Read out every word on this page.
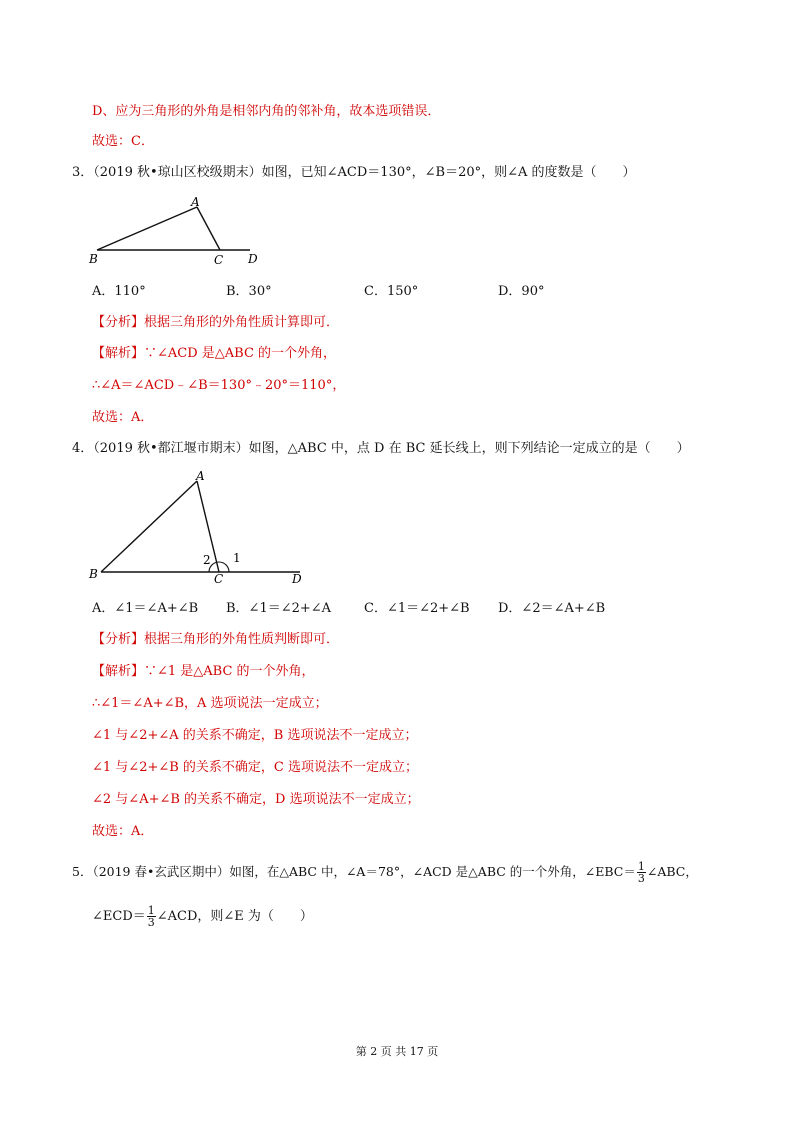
D、应为三角形的外角是相邻内角的邻补角，故本选项错误．
故选：C．
3．（2019 秋•琼山区校级期末）如图，已知∠ACD＝130°，∠B＝20°，则∠A 的度数是（　　）
A
B	C D
A．110°	B．30°	C．150°	D．90°
【分析】根据三角形的外角性质计算即可．
【解析】∵∠ACD 是△ABC 的一个外角，
∴∠A＝∠ACD﹣∠B＝130°﹣20°＝110°，
故选：A．
4．（2019 秋•都江堰市期末）如图，△ABC 中，点 D 在 BC 延长线上，则下列结论一定成立的是（　　）
A
B	C	D
1
2
A．∠1＝∠A+∠B B．∠1＝∠2+∠A	C．∠1＝∠2+∠B D．∠2＝∠A+∠B
【分析】根据三角形的外角性质判断即可．
【解析】∵∠1 是△ABC 的一个外角，
∴∠1＝∠A+∠B，A 选项说法一定成立；
∠1 与∠2+∠A 的关系不确定，B 选项说法不一定成立；
∠1 与∠2+∠B 的关系不确定，C 选项说法不一定成立；
∠2 与∠A+∠B 的关系不确定，D 选项说法不一定成立；
故选：A．
5．（2019 春•玄武区期中）如图，在△ABC 中，∠A＝78°，∠ACD 是△ABC 的一个外角，∠EBC＝ $\frac{1}{3}$ ∠ABC，
∠ECD＝ $\frac{1}{3}$ ∠ACD，则∠E 为（　　）
第 2 页 共 17 页
